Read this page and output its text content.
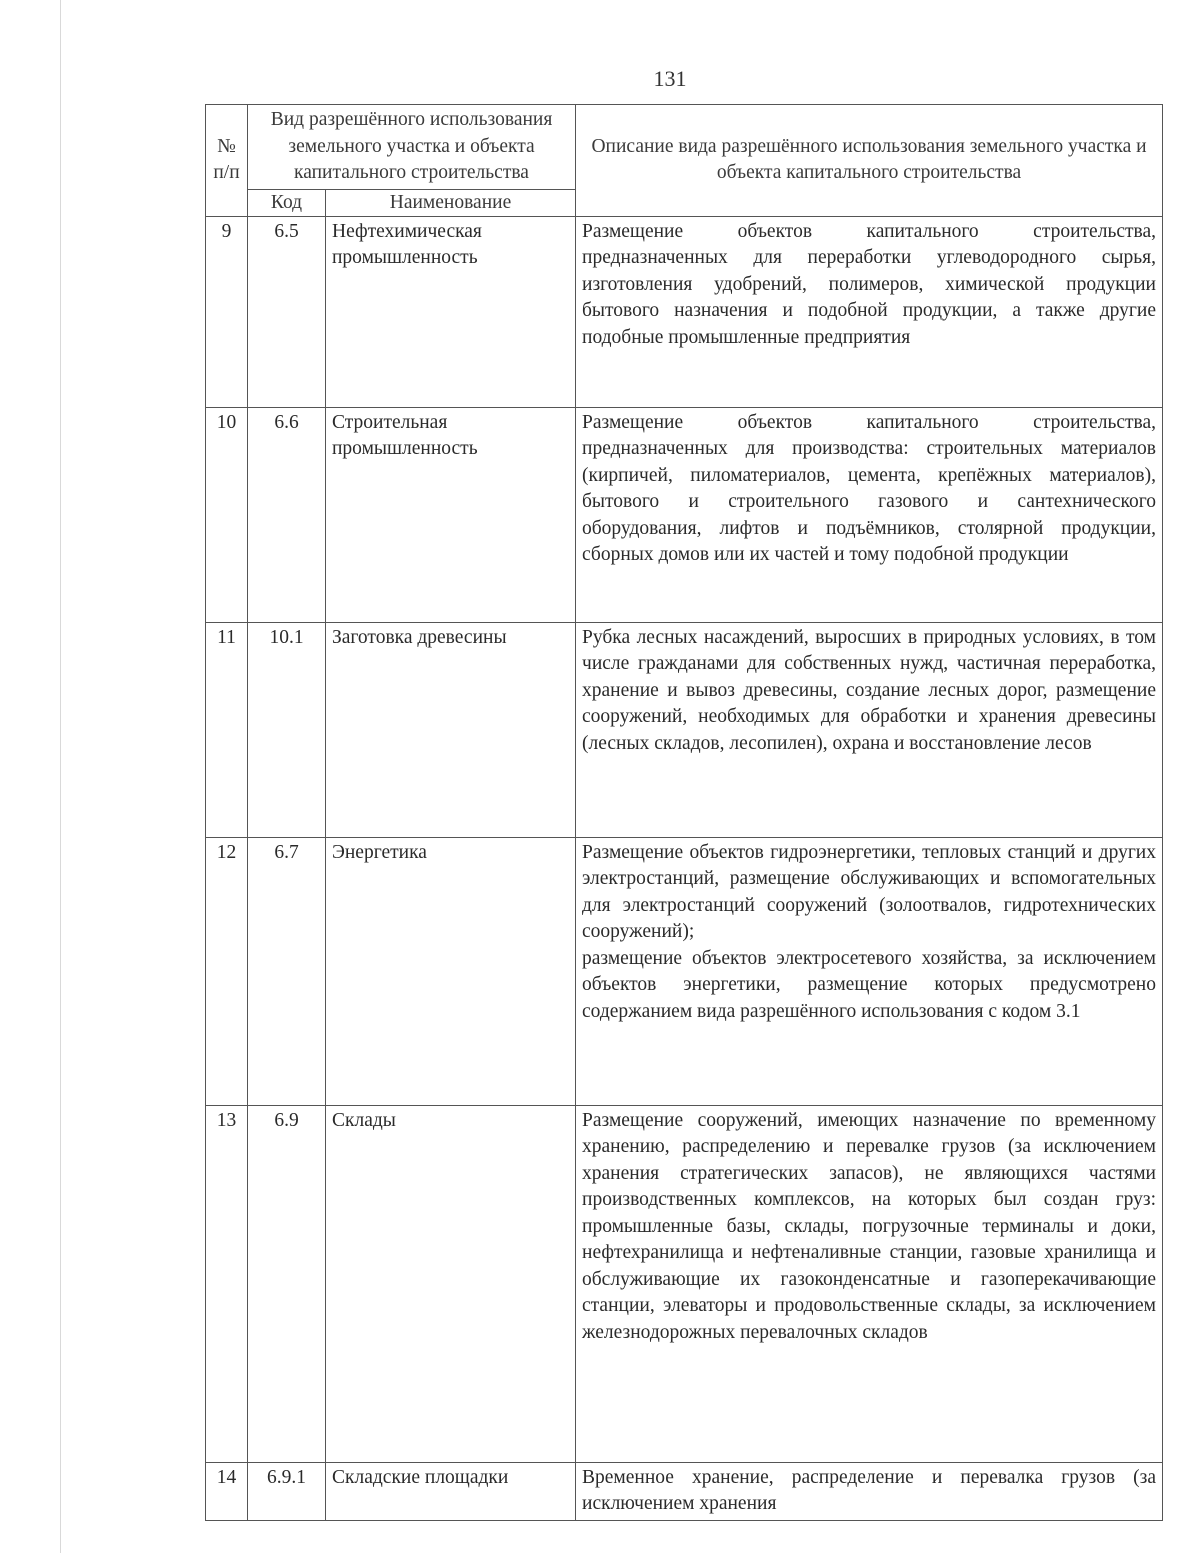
131
№ п/п	Вид разрешённого использования земельного участка и объекта капитального строительства		Описание вида разрешённого использования земельного участка и объекта капитального строительства
	Код	Наименование	
9	6.5	Нефтехимическая промышленность	Размещение объектов капитального строительства, предназначенных для переработки углеводородного сырья, изготовления удобрений, полимеров, химической продукции бытового назначения и подобной продукции, а также другие подобные промышленные предприятия
10	6.6	Строительная промышленность	Размещение объектов капитального строительства, предназначенных для производства: строительных материалов (кирпичей, пиломатериалов, цемента, крепёжных материалов), бытового и строительного газового и сантехнического оборудования, лифтов и подъёмников, столярной продукции, сборных домов или их частей и тому подобной продукции
11	10.1	Заготовка древесины	Рубка лесных насаждений, выросших в природных условиях, в том числе гражданами для собственных нужд, частичная переработка, хранение и вывоз древесины, создание лесных дорог, размещение сооружений, необходимых для обработки и хранения древесины (лесных складов, лесопилен), охрана и восстановление лесов
12	6.7	Энергетика	Размещение объектов гидроэнергетики, тепловых станций и других электростанций, размещение обслуживающих и вспомогательных для электростанций сооружений (золоотвалов, гидротехнических сооружений);
размещение объектов электросетевого хозяйства, за исключением объектов энергетики, размещение которых предусмотрено содержанием вида разрешённого использования с кодом 3.1

13	6.9	Склады	Размещение сооружений, имеющих назначение по временному хранению, распределению и перевалке грузов (за исключением хранения стратегических запасов), не являющихся частями производственных комплексов, на которых был создан груз: промышленные базы, склады, погрузочные терминалы и доки, нефтехранилища и нефтеналивные станции, газовые хранилища и обслуживающие их газоконденсатные и газоперекачивающие станции, элеваторы и продовольственные склады, за исключением железнодорожных перевалочных складов
14	6.9.1	Складские площадки	Временное хранение, распределение и перевалка грузов (за исключением хранения
